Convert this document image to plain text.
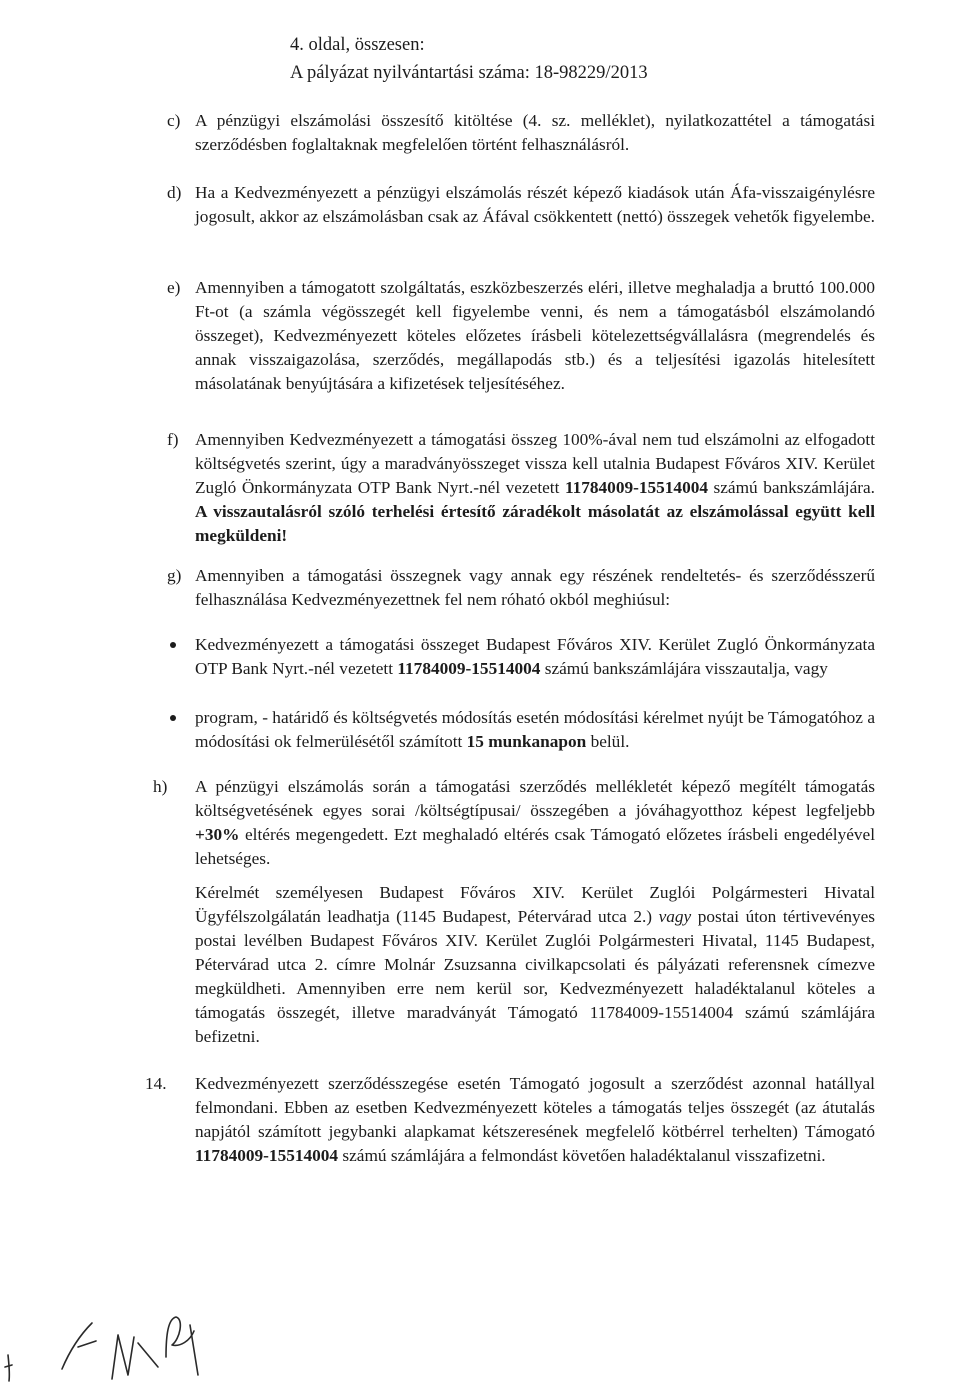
4. oldal, összesen:
A pályázat nyilvántartási száma: 18-98229/2013
c) A pénzügyi elszámolási összesítő kitöltése (4. sz. melléklet), nyilatkozattétel a támogatási szerződésben foglaltaknak megfelelően történt felhasználásról.

d) Ha a Kedvezményezett a pénzügyi elszámolás részét képező kiadások után Áfa-visszaigénylésre jogosult, akkor az elszámolásban csak az Áfával csökkentett (nettó) összegek vehetők figyelembe.

e) Amennyiben a támogatott szolgáltatás, eszközbeszerzés eléri, illetve meghaladja a bruttó 100.000 Ft-ot (a számla végösszegét kell figyelembe venni, és nem a támogatásból elszámolandó összeget), Kedvezményezett köteles előzetes írásbeli kötelezettségvállalásra (megrendelés és annak visszaigazolása, szerződés, megállapodás stb.) és a teljesítési igazolás hitelesített másolatának benyújtására a kifizetések teljesítéséhez.

f) Amennyiben Kedvezményezett a támogatási összeg 100%-ával nem tud elszámolni az elfogadott költségvetés szerint, úgy a maradványösszeget vissza kell utalnia Budapest Főváros XIV. Kerület Zugló Önkormányzata OTP Bank Nyrt.-nél vezetett 11784009-15514004 számú bankszámlájára. A visszautalásról szóló terhelési értesítő záradékolt másolatát az elszámolással együtt kell megküldeni!

g) Amennyiben a támogatási összegnek vagy annak egy részének rendeltetés- és szerződésszerű felhasználása Kedvezményezettnek fel nem róható okból meghiúsul:

Kedvezményezett a támogatási összeget Budapest Főváros XIV. Kerület Zugló Önkormányzata OTP Bank Nyrt.-nél vezetett 11784009-15514004 számú bankszámlájára visszautalja, vagy

program, - határidő és költségvetés módosítás esetén módosítási kérelmet nyújt be Támogatóhoz a módosítási ok felmerülésétől számított 15 munkanapon belül.

h) A pénzügyi elszámolás során a támogatási szerződés mellékletét képező megítélt támogatás költségvetésének egyes sorai /költségtípusai/ összegében a jóváhagyotthoz képest legfeljebb +30% eltérés megengedett. Ezt meghaladó eltérés csak Támogató előzetes írásbeli engedélyével lehetséges.

Kérelmét személyesen Budapest Főváros XIV. Kerület Zuglói Polgármesteri Hivatal Ügyfélszolgálatán leadhatja (1145 Budapest, Pétervárad utca 2.) vagy postai úton tértivevényes postai levélben Budapest Főváros XIV. Kerület Zuglói Polgármesteri Hivatal, 1145 Budapest, Pétervárad utca 2. címre Molnár Zsuzsanna civilkapcsolati és pályázati referensnek címezve megküldheti. Amennyiben erre nem kerül sor, Kedvezményezett haladéktalanul köteles a támogatás összegét, illetve maradványát Támogató 11784009-15514004 számú számlájára befizetni.

14. Kedvezményezett szerződésszegése esetén Támogató jogosult a szerződést azonnal hatállyal felmondani. Ebben az esetben Kedvezményezett köteles a támogatás teljes összegét (az átutalás napjától számított jegybanki alapkamat kétszeresének megfelelő kötbérrel terhelten) Támogató 11784009-15514004 számú számlájára a felmondást követően haladéktalanul visszafizetni.
